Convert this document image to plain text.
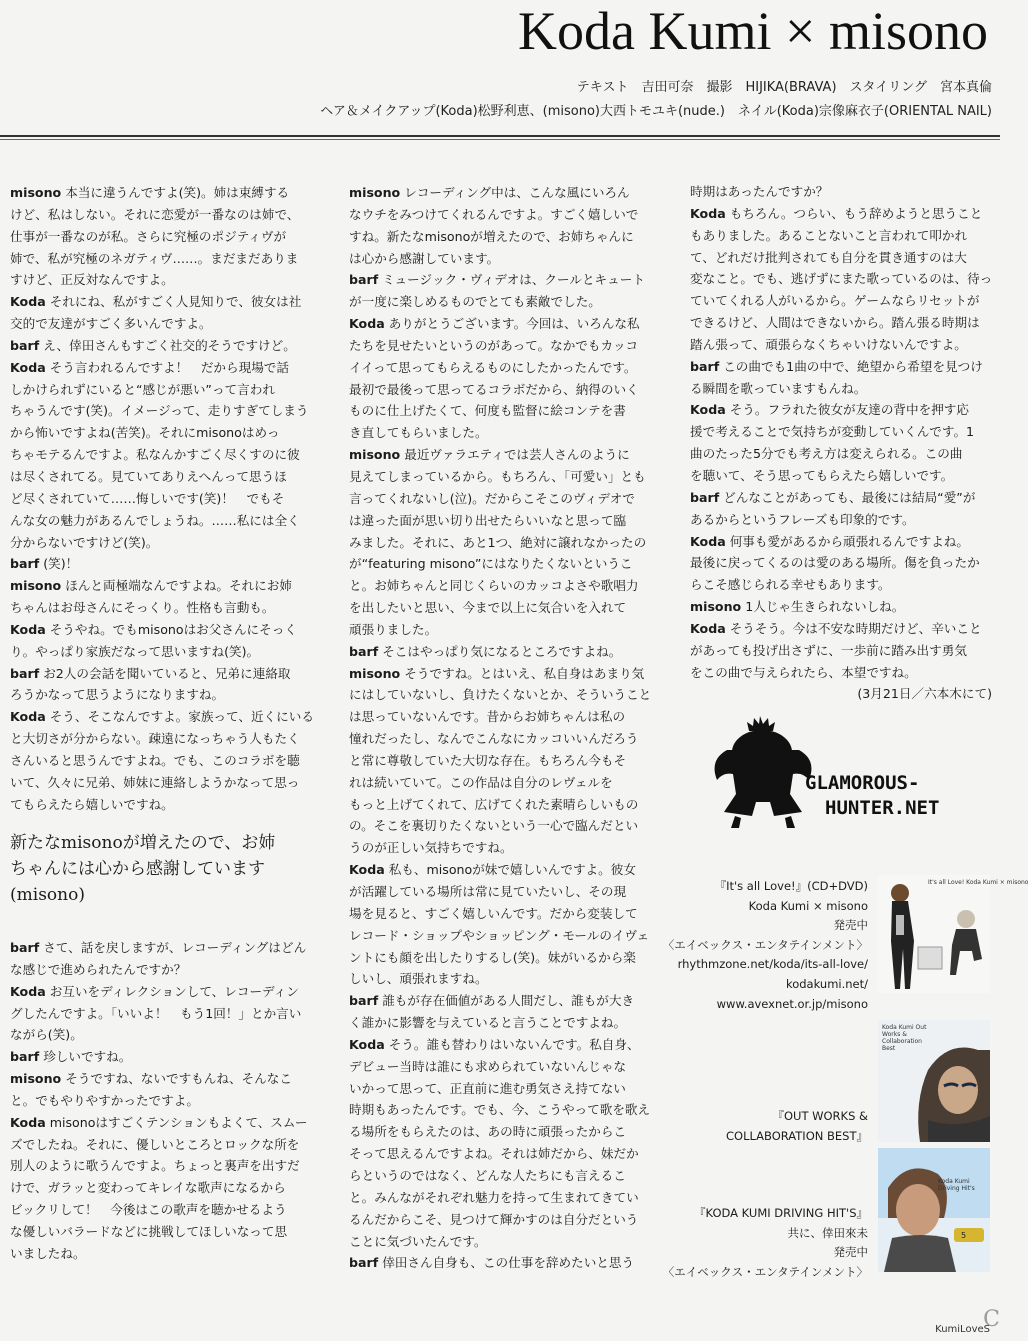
Koda Kumi × misono

テキスト　吉田可奈　撮影　HIJIKA(BRAVA)　スタイリング　宮本真倫

ヘア＆メイクアップ(Koda)松野利恵、(misono)大西トモユキ(nude.)　ネイル(Koda)宗像麻衣子(ORIENTAL NAIL)

misono 本当に違うんですよ(笑)。姉は束縛する

けど、私はしない。それに恋愛が一番なのは姉で、

仕事が一番なのが私。さらに究極のポジティヴが

姉で、私が究極のネガティヴ……。まだまだありま

すけど、正反対なんですよ。

Koda それにね、私がすごく人見知りで、彼女は社

交的で友達がすごく多いんですよ。

barf え、倖田さんもすごく社交的そうですけど。

Koda そう言われるんですよ！　だから現場で話

しかけられずにいると“感じが悪い”って言われ

ちゃうんです(笑)。イメージって、走りすぎてしまう

から怖いですよね(苦笑)。それにmisonoはめっ

ちゃモテるんですよ。私なんかすごく尽くすのに彼

は尽くされてる。見ていてありえへんって思うほ

ど尽くされていて……悔しいです(笑)！　でもそ

んな女の魅力があるんでしょうね。……私には全く

分からないですけど(笑)。

barf (笑)！

misono ほんと両極端なんですよね。それにお姉

ちゃんはお母さんにそっくり。性格も言動も。

Koda そうやね。でもmisonoはお父さんにそっく

り。やっぱり家族だなって思いますね(笑)。

barf お2人の会話を聞いていると、兄弟に連絡取

ろうかなって思うようになりますね。

Koda そう、そこなんですよ。家族って、近くにいる

と大切さが分からない。疎遠になっちゃう人もたく

さんいると思うんですよね。でも、このコラボを聴

いて、久々に兄弟、姉妹に連絡しようかなって思っ

てもらえたら嬉しいですね。

新たなmisonoが増えたので、お姉
ちゃんには心から感謝しています
(misono)

barf さて、話を戻しますが、レコーディングはどん

な感じで進められたんですか？

Koda お互いをディレクションして、レコーディン

グしたんですよ。「いいよ！　もう1回！」とか言い

ながら(笑)。

barf 珍しいですね。

misono そうですね、ないですもんね、そんなこ

と。でもやりやすかったですよ。

Koda misonoはすごくテンションもよくて、スムー

ズでしたね。それに、優しいところとロックな所を

別人のように歌うんですよ。ちょっと裏声を出すだ

けで、ガラッと変わってキレイな歌声になるから

ビックリして！　今後はこの歌声を聴かせるよう

な優しいバラードなどに挑戦してほしいなって思

いましたね。

misono レコーディング中は、こんな風にいろん

なウチをみつけてくれるんですよ。すごく嬉しいで

すね。新たなmisonoが増えたので、お姉ちゃんに

は心から感謝しています。

barf ミュージック・ヴィデオは、クールとキュート

が一度に楽しめるものでとても素敵でした。

Koda ありがとうございます。今回は、いろんな私

たちを見せたいというのがあって。なかでもカッコ

イイって思ってもらえるものにしたかったんです。

最初で最後って思ってるコラボだから、納得のいく

ものに仕上げたくて、何度も監督に絵コンテを書

き直してもらいました。

misono 最近ヴァラエティでは芸人さんのように

見えてしまっているから。もちろん、「可愛い」とも

言ってくれないし(泣)。だからこそこのヴィデオで

は違った面が思い切り出せたらいいなと思って臨

みました。それに、あと1つ、絶対に譲れなかったの

が“featuring misono”にはなりたくないというこ

と。お姉ちゃんと同じくらいのカッコよさや歌唱力

を出したいと思い、今まで以上に気合いを入れて

頑張りました。

barf そこはやっぱり気になるところですよね。

misono そうですね。とはいえ、私自身はあまり気

にはしていないし、負けたくないとか、そういうこと

は思っていないんです。昔からお姉ちゃんは私の

憧れだったし、なんでこんなにカッコいいんだろう

と常に尊敬していた大切な存在。もちろん今もそ

れは続いていて。この作品は自分のレヴェルを

もっと上げてくれて、広げてくれた素晴らしいもの

の。そこを裏切りたくないという一心で臨んだとい

うのが正しい気持ちですね。

Koda 私も、misonoが妹で嬉しいんですよ。彼女

が活躍している場所は常に見ていたいし、その現

場を見ると、すごく嬉しいんです。だから変装して

レコード・ショップやショッピング・モールのイヴェ

ントにも顔を出したりするし(笑)。妹がいるから楽

しいし、頑張れますね。

barf 誰もが存在価値がある人間だし、誰もが大き

く誰かに影響を与えていると言うことですよね。

Koda そう。誰も替わりはいないんです。私自身、

デビュー当時は誰にも求められていないんじゃな

いかって思って、正直前に進む勇気さえ持てない

時期もあったんです。でも、今、こうやって歌を歌え

る場所をもらえたのは、あの時に頑張ったからこ

そって思えるんですよね。それは姉だから、妹だか

らというのではなく、どんな人たちにも言えるこ

と。みんながそれぞれ魅力を持って生まれてきてい

るんだからこそ、見つけて輝かすのは自分だという

ことに気づいたんです。

barf 倖田さん自身も、この仕事を辞めたいと思う

時期はあったんですか？

Koda もちろん。つらい、もう辞めようと思うこと

もありました。あることないこと言われて叩かれ

て、どれだけ批判されても自分を貫き通すのは大

変なこと。でも、逃げずにまた歌っているのは、待っ

ていてくれる人がいるから。ゲームならリセットが

できるけど、人間はできないから。踏ん張る時期は

踏ん張って、頑張らなくちゃいけないんですよ。

barf この曲でも1曲の中で、絶望から希望を見つけ

る瞬間を歌っていますもんね。

Koda そう。フラれた彼女が友達の背中を押す応

援で考えることで気持ちが変動していくんです。1

曲のたった5分でも考え方は変えられる。この曲

を聴いて、そう思ってもらえたら嬉しいです。

barf どんなことがあっても、最後には結局“愛”が

あるからというフレーズも印象的です。

Koda 何事も愛があるから頑張れるんですよね。

最後に戻ってくるのは愛のある場所。傷を負ったか

らこそ感じられる幸せもあります。

misono 1人じゃ生きられないしね。

Koda そうそう。今は不安な時期だけど、辛いこと

があっても投げ出さずに、一歩前に踏み出す勇気

をこの曲で与えられたら、本望ですね。

(3月21日／六本木にて)

GLAMOROUS-
HUNTER.NET

『It's all Love!』(CD+DVD)

Koda Kumi × misono

発売中

〈エイベックス・エンタテインメント〉

rhythmzone.net/koda/its-all-love/

kodakumi.net/

www.avexnet.or.jp/misono

『OUT WORKS &

COLLABORATION BEST』

『KODA KUMI DRIVING HIT'S』

共に、倖田來未

発売中

〈エイベックス・エンタテインメント〉

It's all Love! Koda Kumi × misono
Koda Kumi Out Works & Collaboration Best
5
Koda Kumi Driving Hit's
C
KumiLoveS
